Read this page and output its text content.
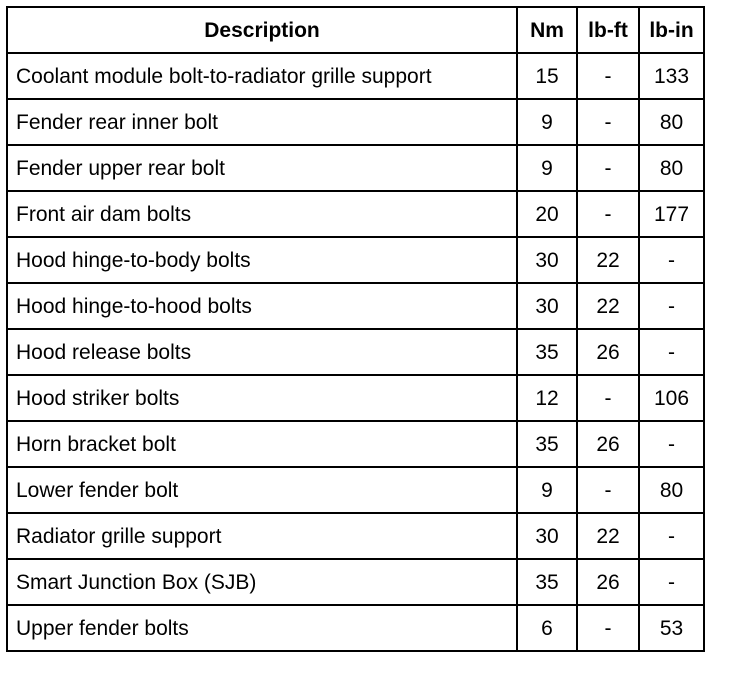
Description	Nm	lb-ft	lb-in
Coolant module bolt-to-radiator grille support	15	-	133
Fender rear inner bolt	9	-	80
Fender upper rear bolt	9	-	80
Front air dam bolts	20	-	177
Hood hinge-to-body bolts	30	22	-
Hood hinge-to-hood bolts	30	22	-
Hood release bolts	35	26	-
Hood striker bolts	12	-	106
Horn bracket bolt	35	26	-
Lower fender bolt	9	-	80
Radiator grille support	30	22	-
Smart Junction Box (SJB)	35	26	-
Upper fender bolts	6	-	53
